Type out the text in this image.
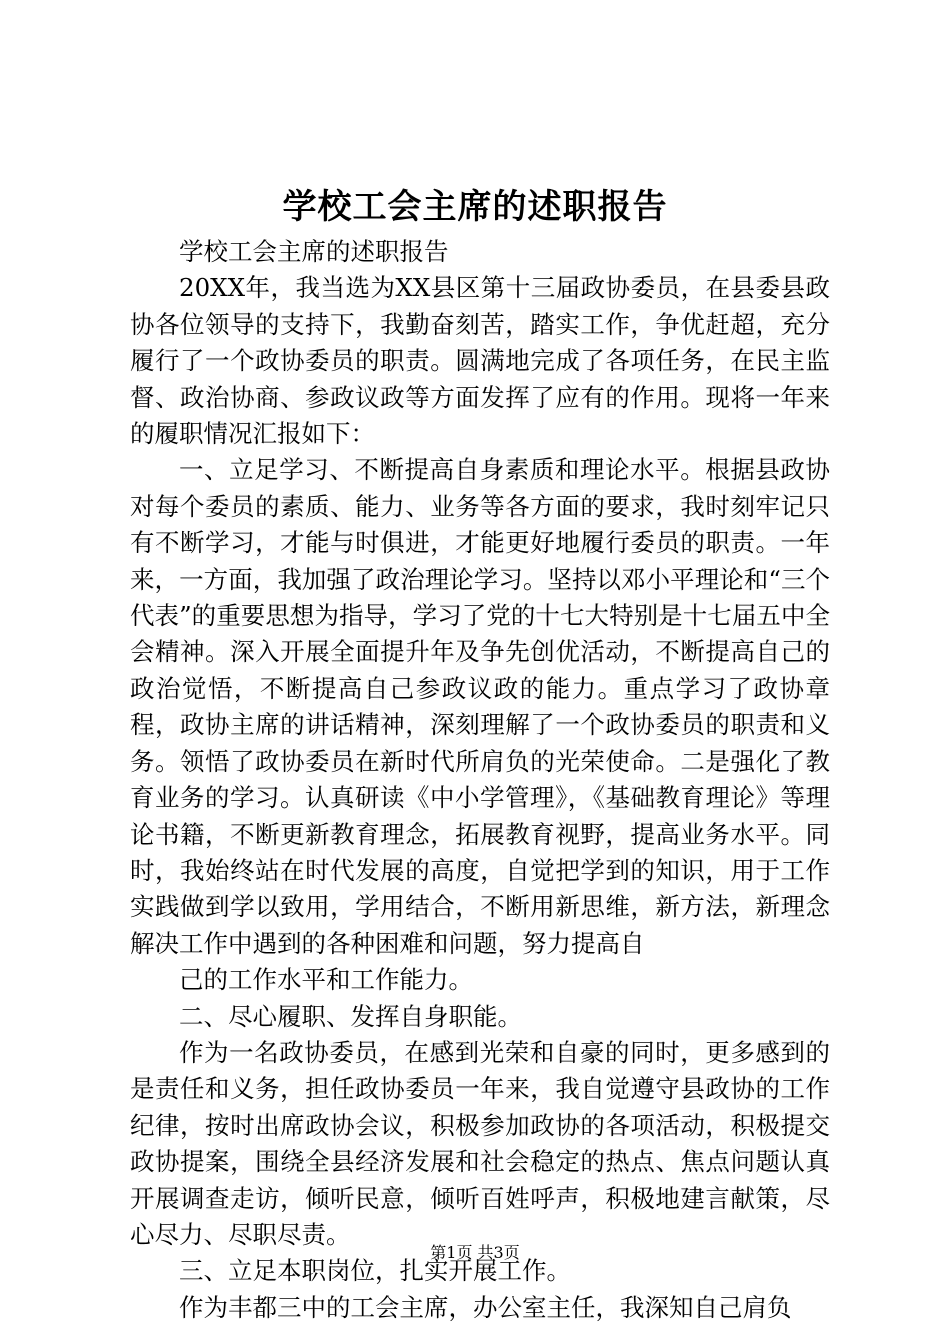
学校工会主席的述职报告

学校工会主席的述职报告

20XX年，我当选为XX县区第十三届政协委员，在县委县政协各位领导的支持下，我勤奋刻苦，踏实工作，争优赶超，充分履行了一个政协委员的职责。圆满地完成了各项任务，在民主监督、政治协商、参政议政等方面发挥了应有的作用。现将一年来的履职情况汇报如下：

一、立足学习、不断提高自身素质和理论水平。根据县政协对每个委员的素质、能力、业务等各方面的要求，我时刻牢记只有不断学习，才能与时俱进，才能更好地履行委员的职责。一年来，一方面，我加强了政治理论学习。坚持以邓小平理论和“三个代表”的重要思想为指导，学习了党的十七大特别是十七届五中全会精神。深入开展全面提升年及争先创优活动，不断提高自己的政治觉悟，不断提高自己参政议政的能力。重点学习了政协章程，政协主席的讲话精神，深刻理解了一个政协委员的职责和义务。领悟了政协委员在新时代所肩负的光荣使命。二是强化了教育业务的学习。认真研读《中小学管理》，《基础教育理论》等理论书籍，不断更新教育理念，拓展教育视野，提高业务水平。同时，我始终站在时代发展的高度，自觉把学到的知识，用于工作实践做到学以致用，学用结合，不断用新思维，新方法，新理念解决工作中遇到的各种困难和问题，努力提高自

己的工作水平和工作能力。

二、尽心履职、发挥自身职能。

作为一名政协委员，在感到光荣和自豪的同时，更多感到的是责任和义务，担任政协委员一年来，我自觉遵守县政协的工作纪律，按时出席政协会议，积极参加政协的各项活动，积极提交政协提案，围绕全县经济发展和社会稳定的热点、焦点问题认真开展调查走访，倾听民意，倾听百姓呼声，积极地建言献策，尽心尽力、尽职尽责。

三、立足本职岗位，扎实开展工作。

作为丰都三中的工会主席，办公室主任，我深知自己肩负

第1页 共3页
